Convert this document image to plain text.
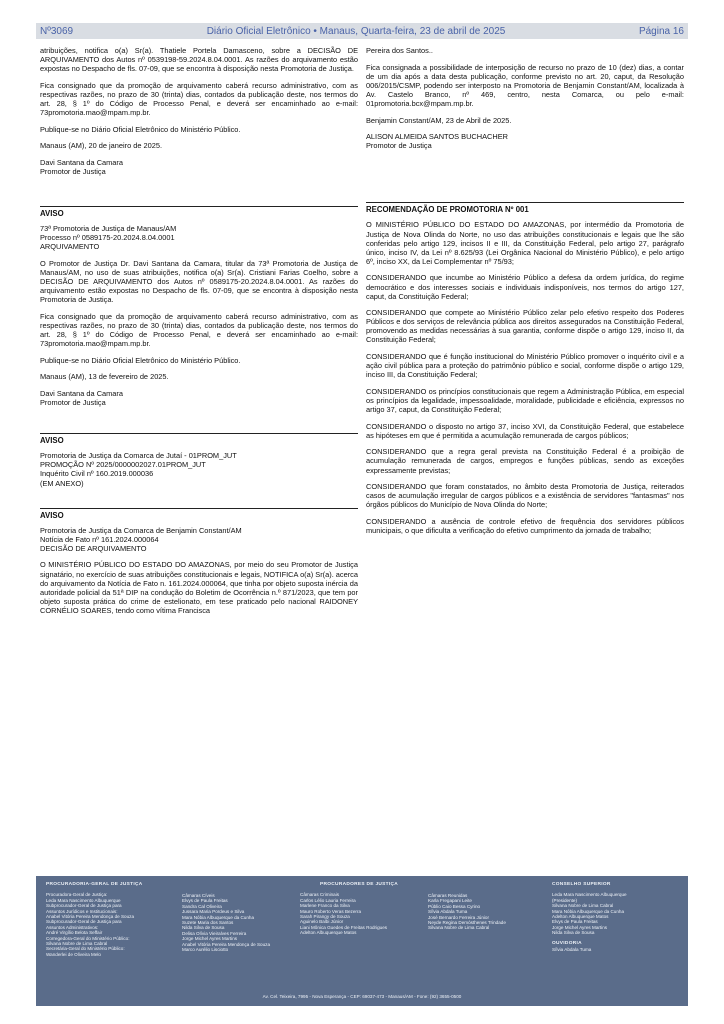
Nº3069	Diário Oficial Eletrônico • Manaus, Quarta-feira, 23 de abril de 2025	Página 16

atribuições, notifica o(a) Sr(a). Thatiele Portela Damasceno, sobre a DECISÃO DE ARQUIVAMENTO dos Autos nº 0539198-59.2024.8.04.0001. As razões do arquivamento estão expostas no Despacho de fls. 07-09, que se encontra à disposição nesta Promotoria de Justiça.

Fica consignado que da promoção de arquivamento caberá recurso administrativo, com as respectivas razões, no prazo de 30 (trinta) dias, contados da publicação deste, nos termos do art. 28, § 1º do Código de Processo Penal, e deverá ser encaminhado ao e-mail: 73promotoria.mao@mpam.mp.br.

Publique-se no Diário Oficial Eletrônico do Ministério Público.

Manaus (AM), 20 de janeiro de 2025.

Davi Santana da Camara

Promotor de Justiça

AVISO

73ª Promotoria de Justiça de Manaus/AM

Processo nº 0589175-20.2024.8.04.0001

ARQUIVAMENTO

O Promotor de Justiça Dr. Davi Santana da Camara, titular da 73ª Promotoria de Justiça de Manaus/AM, no uso de suas atribuições, notifica o(a) Sr(a). Cristiani Farias Coelho, sobre a DECISÃO DE ARQUIVAMENTO dos Autos nº 0589175-20.2024.8.04.0001. As razões do arquivamento estão expostas no Despacho de fls. 07-09, que se encontra à disposição nesta Promotoria de Justiça.

Fica consignado que da promoção de arquivamento caberá recurso administrativo, com as respectivas razões, no prazo de 30 (trinta) dias, contados da publicação deste, nos termos do art. 28, § 1º do Código de Processo Penal, e deverá ser encaminhado ao e-mail: 73promotoria.mao@mpam.mp.br.

Publique-se no Diário Oficial Eletrônico do Ministério Público.

Manaus (AM), 13 de fevereiro de 2025.

Davi Santana da Camara

Promotor de Justiça

AVISO

Promotoria de Justiça da Comarca de Jutaí - 01PROM_JUT

PROMOÇÃO Nº 2025/0000002027.01PROM_JUT

Inquérito Civil nº 160.2019.000036

(EM ANEXO)

AVISO

Promotoria de Justiça da Comarca de Benjamin Constant/AM

Notícia de Fato nº 161.2024.000064

DECISÃO DE ARQUIVAMENTO

O MINISTÉRIO PÚBLICO DO ESTADO DO AMAZONAS, por meio do seu Promotor de Justiça signatário, no exercício de suas atribuições constitucionais e legais, NOTIFICA o(a) Sr(a). acerca do arquivamento da Notícia de Fato n. 161.2024.000064, que tinha por objeto suposta inércia da autoridade policial da 51ª DIP na condução do Boletim de Ocorrência n.º 871/2023, que tem por objeto suposta prática do crime de estelionato, em tese praticado pelo nacional RAIDONEY CORNÉLIO SOARES, tendo como vítima Francisca

Pereira dos Santos..

Fica consignada a possibilidade de interposição de recurso no prazo de 10 (dez) dias, a contar de um dia após a data desta publicação, conforme previsto no art. 20, caput, da Resolução 006/2015/CSMP, podendo ser interposto na Promotoria de Benjamin Constant/AM, localizada à Av. Castelo Branco, nº 469, centro, nesta Comarca, ou pelo e-mail: 01promotoria.bcx@mpam.mp.br.

Benjamin Constant/AM, 23 de Abril de 2025.

ALISON ALMEIDA SANTOS BUCHACHER

Promotor de Justiça

RECOMENDAÇÃO DE PROMOTORIA Nº 001

O MINISTÉRIO PÚBLICO DO ESTADO DO AMAZONAS, por intermédio da Promotoria de Justiça de Nova Olinda do Norte, no uso das atribuições constitucionais e legais que lhe são conferidas pelo artigo 129, incisos II e III, da Constituição Federal, pelo artigo 27, parágrafo único, inciso IV, da Lei nº 8.625/93 (Lei Orgânica Nacional do Ministério Público), e pelo artigo 6º, inciso XX, da Lei Complementar nº 75/93;

CONSIDERANDO que incumbe ao Ministério Público a defesa da ordem jurídica, do regime democrático e dos interesses sociais e individuais indisponíveis, nos termos do artigo 127, caput, da Constituição Federal;

CONSIDERANDO que compete ao Ministério Público zelar pelo efetivo respeito dos Poderes Públicos e dos serviços de relevância pública aos direitos assegurados na Constituição Federal, promovendo as medidas necessárias à sua garantia, conforme dispõe o artigo 129, inciso II, da Constituição Federal;

CONSIDERANDO que é função institucional do Ministério Público promover o inquérito civil e a ação civil pública para a proteção do patrimônio público e social, conforme dispõe o artigo 129, inciso III, da Constituição Federal;

CONSIDERANDO os princípios constitucionais que regem a Administração Pública, em especial os princípios da legalidade, impessoalidade, moralidade, publicidade e eficiência, expressos no artigo 37, caput, da Constituição Federal;

CONSIDERANDO o disposto no artigo 37, inciso XVI, da Constituição Federal, que estabelece as hipóteses em que é permitida a acumulação remunerada de cargos públicos;

CONSIDERANDO que a regra geral prevista na Constituição Federal é a proibição de acumulação remunerada de cargos, empregos e funções públicas, sendo as exceções expressamente previstas;

CONSIDERANDO que foram constatados, no âmbito desta Promotoria de Justiça, reiterados casos de acumulação irregular de cargos públicos e a existência de servidores "fantasmas" nos órgãos públicos do Município de Nova Olinda do Norte;

CONSIDERANDO a ausência de controle efetivo de frequência dos servidores públicos municipais, o que dificulta a verificação do efetivo cumprimento da jornada de trabalho;

PROCURADORIA-GERAL DE JUSTIÇA
Procuradora-Geral de Justiça:
Leda Mara Nascimento Albuquerque
Subprocurador-Geral de Justiça para
Assuntos Jurídicos e Institucionais:
Anabel Vitória Pereira Mendonça de Souza
Subprocurador-Geral de Justiça para
Assuntos Administrativos:
André Virgílio Belota Seffair
Corregedora-Geral do Ministério Público:
Silvana Nobre de Lima Cabral
Secretária-Geral do Ministério Público:
Wanderlei de Oliveira Melo
Câmaras Cíveis
Elvys de Paula Freitas
Sandra Cal Oliveira
Jussara Maria Pordeus e Silva
Mara Nóbia Albuquerque da Cunha
Suzete Maria dos Santos
Nilda Silva de Sousa
Delisa Olívia Vieiralves Ferreira
Jorge Michel Ayres Martins
Anabel Vitória Pereira Mendonça de Souza
Marco Aurélio Lisciotto
PROCURADORES DE JUSTIÇA
Câmaras Criminais
Carlos Lélio Lauria Ferreira
Marlene Franco da Silva
Mauro Roberto Veras Bezerra
Sarah Pirangy de Souza
Aguinelo Balbi Júnior
Liani Mônica Guedes de Freitas Rodrigues
Adelton Albuquerque Matos
Câmaras Reunidas
Karla Fregapani Leite
Públio Caio Bessa Cyrino
Sílvia Abdala Tuma
José Bernardo Ferreira Júnior
Neyde Regina Demósthenes Trindade
Silvana Nobre de Lima Cabral
CONSELHO SUPERIOR
Leda Mara Nascimento Albuquerque
(Presidente)
Silvana Nobre de Lima Cabral
Mara Nóbia Albuquerque da Cunha
Adelton Albuquerque Matos
Elvys de Paula Freitas
Jorge Michel Ayres Martins
Nilda Silva de Sousa
OUVIDORIA
Sílvia Abdala Tuma
Av. Cel. Teixeira, 7995 - Nova Esperança - CEP: 69037-473 - Manaus/AM - Fone: (92) 3655-0500
